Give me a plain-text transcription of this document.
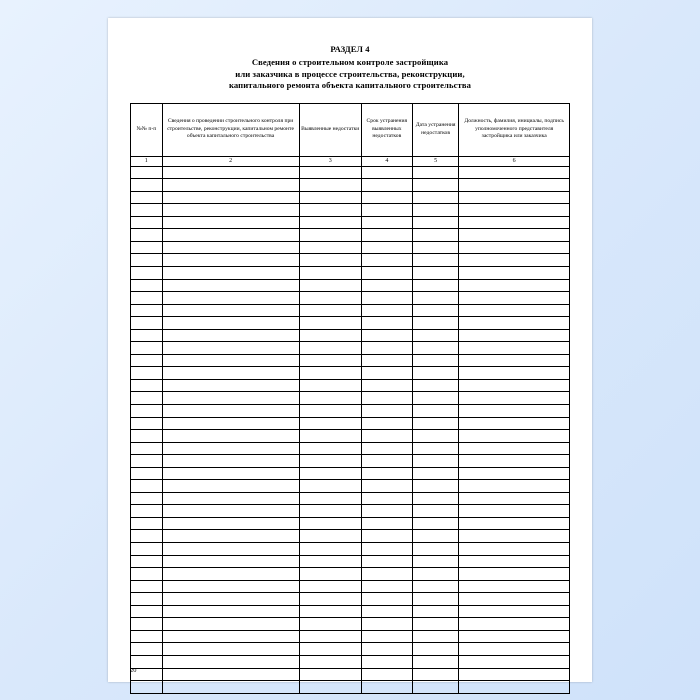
РАЗДЕЛ 4
Сведения о строительном контроле застройщика
или заказчика в процессе строительства, реконструкции,
капитального ремонта объекта капитального строительства
№№ п-п	Сведения о проведении строительного контроля при строительстве, реконструкции, капитальном ремонте объекта капитального строительства	Выявленные недостатки	Срок устранения выявленных недостатков	Дата устранения недостатков	Должность, фамилия, инициалы, подпись уполномоченного представителя застройщика или заказчика
1	2	3	4	5	6

20
